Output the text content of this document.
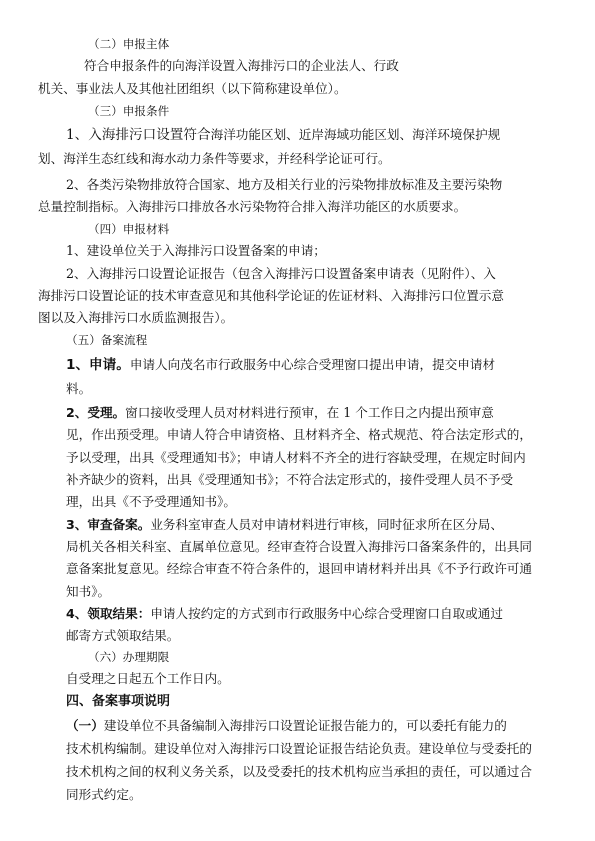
（二）申报主体
符合申报条件的向海洋设置入海排污口的企业法人、行政
机关、事业法人及其他社团组织（以下简称建设单位）。
（三）申报条件
1、入海排污口设置符合海洋功能区划、近岸海域功能区划、海洋环境保护规
划、海洋生态红线和海水动力条件等要求，并经科学论证可行。
2、各类污染物排放符合国家、地方及相关行业的污染物排放标准及主要污染物
总量控制指标。入海排污口排放各水污染物符合排入海洋功能区的水质要求。
（四）申报材料
1、建设单位关于入海排污口设置备案的申请；
2、入海排污口设置论证报告（包含入海排污口设置备案申请表（见附件）、入
海排污口设置论证的技术审查意见和其他科学论证的佐证材料、入海排污口位置示意
图以及入海排污口水质监测报告）。
（五）备案流程
1、申请。申请人向茂名市行政服务中心综合受理窗口提出申请，提交申请材
料。
2、受理。窗口接收受理人员对材料进行预审，在 1 个工作日之内提出预审意
见，作出预受理。申请人符合申请资格、且材料齐全、格式规范、符合法定形式的，
予以受理，出具《受理通知书》；申请人材料不齐全的进行容缺受理，在规定时间内
补齐缺少的资料，出具《受理通知书》；不符合法定形式的，接件受理人员不予受
理，出具《不予受理通知书》。
3、审查备案。业务科室审查人员对申请材料进行审核，同时征求所在区分局、
局机关各相关科室、直属单位意见。经审查符合设置入海排污口备案条件的，出具同
意备案批复意见。经综合审查不符合条件的，退回申请材料并出具《不予行政许可通
知书》。
4、领取结果：申请人按约定的方式到市行政服务中心综合受理窗口自取或通过
邮寄方式领取结果。
（六）办理期限
自受理之日起五个工作日内。
四、备案事项说明
（一）建设单位不具备编制入海排污口设置论证报告能力的，可以委托有能力的
技术机构编制。建设单位对入海排污口设置论证报告结论负责。建设单位与受委托的
技术机构之间的权利义务关系，以及受委托的技术机构应当承担的责任，可以通过合
同形式约定。
